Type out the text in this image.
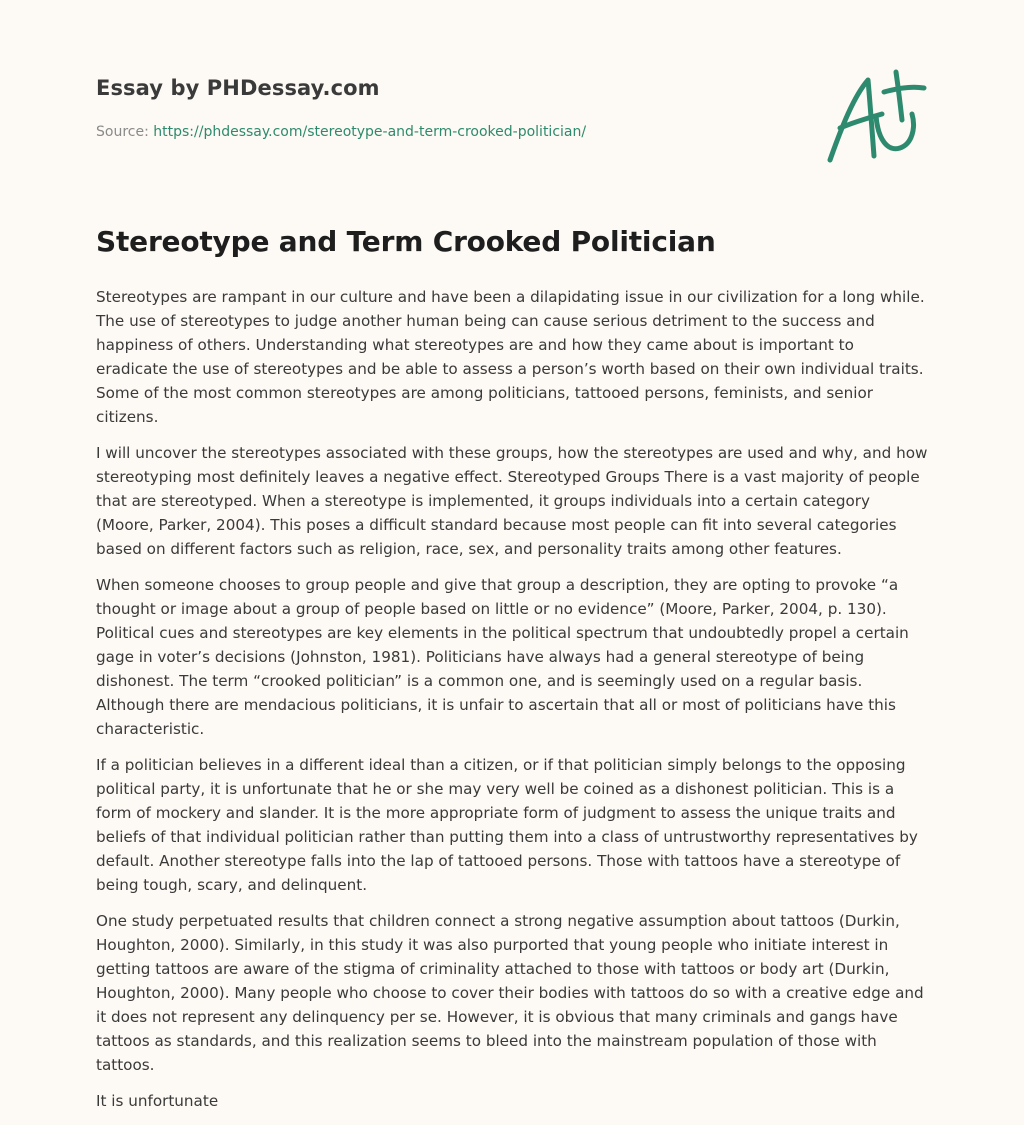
Essay by PHDessay.com
Source: https://phdessay.com/stereotype-and-term-crooked-politician/
Stereotype and Term Crooked Politician

Stereotypes are rampant in our culture and have been a dilapidating issue in our civilization for a long while. The use of stereotypes to judge another human being can cause serious detriment to the success and happiness of others. Understanding what stereotypes are and how they came about is important to eradicate the use of stereotypes and be able to assess a person’s worth based on their own individual traits. Some of the most common stereotypes are among politicians, tattooed persons, feminists, and senior citizens.

I will uncover the stereotypes associated with these groups, how the stereotypes are used and why, and how stereotyping most definitely leaves a negative effect. Stereotyped Groups There is a vast majority of people that are stereotyped. When a stereotype is implemented, it groups individuals into a certain category (Moore, Parker, 2004). This poses a difficult standard because most people can fit into several categories based on different factors such as religion, race, sex, and personality traits among other features.

When someone chooses to group people and give that group a description, they are opting to provoke “a thought or image about a group of people based on little or no evidence” (Moore, Parker, 2004, p. 130). Political cues and stereotypes are key elements in the political spectrum that undoubtedly propel a certain gage in voter’s decisions (Johnston, 1981). Politicians have always had a general stereotype of being dishonest. The term “crooked politician” is a common one, and is seemingly used on a regular basis. Although there are mendacious politicians, it is unfair to ascertain that all or most of politicians have this characteristic.

If a politician believes in a different ideal than a citizen, or if that politician simply belongs to the opposing political party, it is unfortunate that he or she may very well be coined as a dishonest politician. This is a form of mockery and slander. It is the more appropriate form of judgment to assess the unique traits and beliefs of that individual politician rather than putting them into a class of untrustworthy representatives by default. Another stereotype falls into the lap of tattooed persons. Those with tattoos have a stereotype of being tough, scary, and delinquent.

One study perpetuated results that children connect a strong negative assumption about tattoos (Durkin, Houghton, 2000). Similarly, in this study it was also purported that young people who initiate interest in getting tattoos are aware of the stigma of criminality attached to those with tattoos or body art (Durkin, Houghton, 2000). Many people who choose to cover their bodies with tattoos do so with a creative edge and it does not represent any delinquency per se. However, it is obvious that many criminals and gangs have tattoos as standards, and this realization seems to bleed into the mainstream population of those with tattoos.

It is unfortunate
